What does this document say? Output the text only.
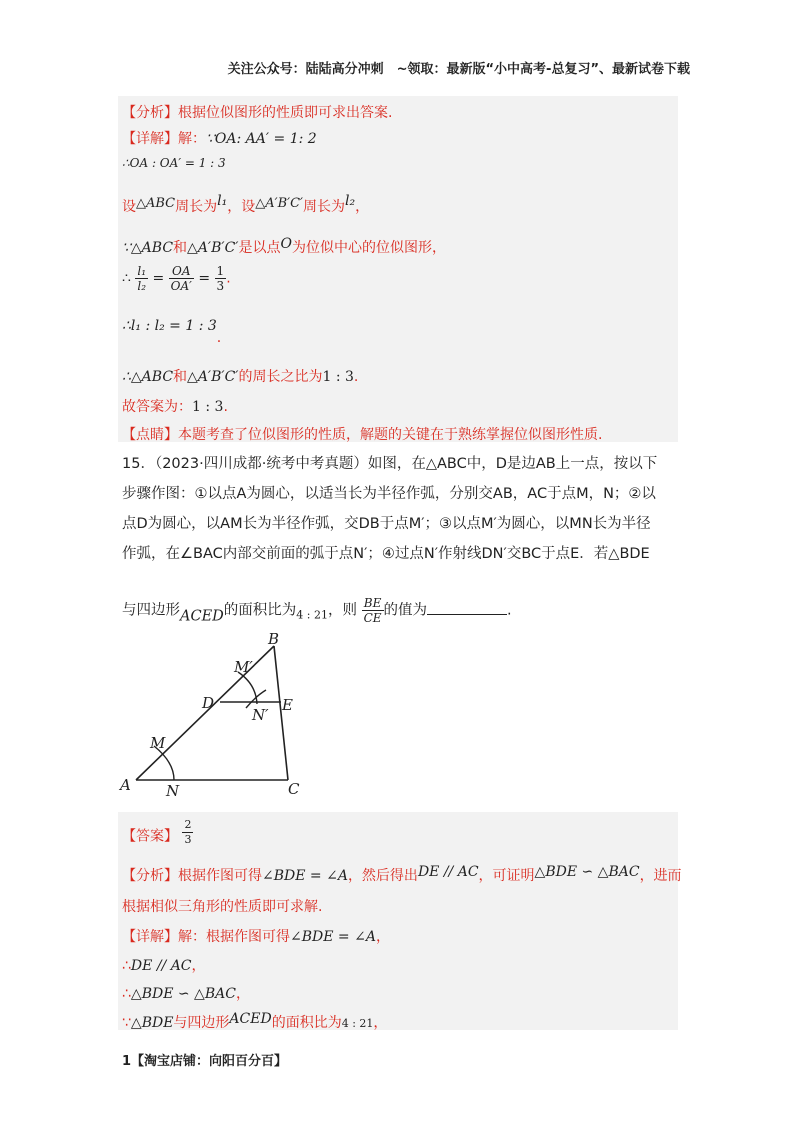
关注公众号：陆陆高分冲刺　~领取：最新版“小中高考-总复习”、最新试卷下载
【分析】根据位似图形的性质即可求出答案.
【详解】解：∵OA: AA′ = 1: 2
∴OA : OA′ = 1 : 3
设△ABC周长为l₁，设△A′B′C′周长为l₂，
∵△ABC和△A′B′C′是以点O为位似中心的位似图形，
∴ $\frac{\text{l₁}}{\text{l₂}} = \frac{OA}{OA'} = \frac{1}{3}$ .
∴l₁ : l₂ = 1 : 3.
∴△ABC和△A′B′C′的周长之比为1 : 3.
故答案为：1 : 3.
【点睛】本题考查了位似图形的性质，解题的关键在于熟练掌握位似图形性质.
15．（2023·四川成都·统考中考真题）如图，在△ABC中，D是边AB上一点，按以下
步骤作图：①以点A为圆心，以适当长为半径作弧，分别交AB，AC于点M，N；②以
点D为圆心，以AM长为半径作弧，交DB于点M′；③以点M′为圆心，以MN长为半径
作弧，在∠BAC内部交前面的弧于点N′；④过点N′作射线DN′交BC于点E．若△BDE
与四边形ACED的面积比为$_{4 : 21}$，则 $\frac{BE}{CE}$ 的值为	.
A
B
C
D	E
M
N
M′
N′
【答案】 $\frac{2}{3}$
【分析】根据作图可得∠BDE = ∠A，然后得出DE // AC，可证明△BDE ∽ △BAC，进而
根据相似三角形的性质即可求解.
【详解】解：根据作图可得∠BDE = ∠A，
∴DE // AC，
∴△BDE ∽ △BAC，
∵△BDE与四边形ACED的面积比为4 : 21，
1【淘宝店铺：向阳百分百】
